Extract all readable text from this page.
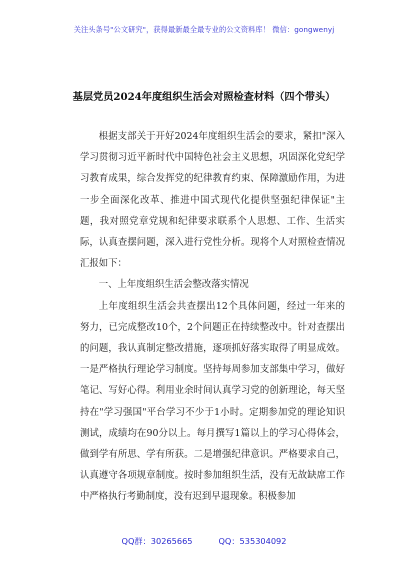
关注头条号"公文研究"，获得最新最全最专业的公文资料库！ 微信：gongwenyj
基层党员2024年度组织生活会对照检查材料（四个带头）

根据支部关于开好2024年度组织生活会的要求，紧扣"深入学习贯彻习近平新时代中国特色社会主义思想，巩固深化党纪学习教育成果，综合发挥党的纪律教育约束、保障激励作用，为进一步全面深化改革、推进中国式现代化提供坚强纪律保证"主题，我对照党章党规和纪律要求联系个人思想、工作、生活实际，认真查摆问题，深入进行党性分析。现将个人对照检查情况汇报如下：

一、上年度组织生活会整改落实情况

上年度组织生活会共查摆出12个具体问题，经过一年来的努力，已完成整改10个，2个问题正在持续整改中。针对查摆出的问题，我认真制定整改措施，逐项抓好落实取得了明显成效。一是严格执行理论学习制度。坚持每周参加支部集中学习，做好笔记、写好心得。利用业余时间认真学习党的创新理论，每天坚持在"学习强国"平台学习不少于1小时。定期参加党的理论知识测试，成绩均在90分以上。每月撰写1篇以上的学习心得体会，做到学有所思、学有所获。二是增强纪律意识。严格要求自己，认真遵守各项规章制度。按时参加组织生活，没有无故缺席工作中严格执行考勤制度，没有迟到早退现象。积极参加

QQ群：30265665	QQ：535304092
